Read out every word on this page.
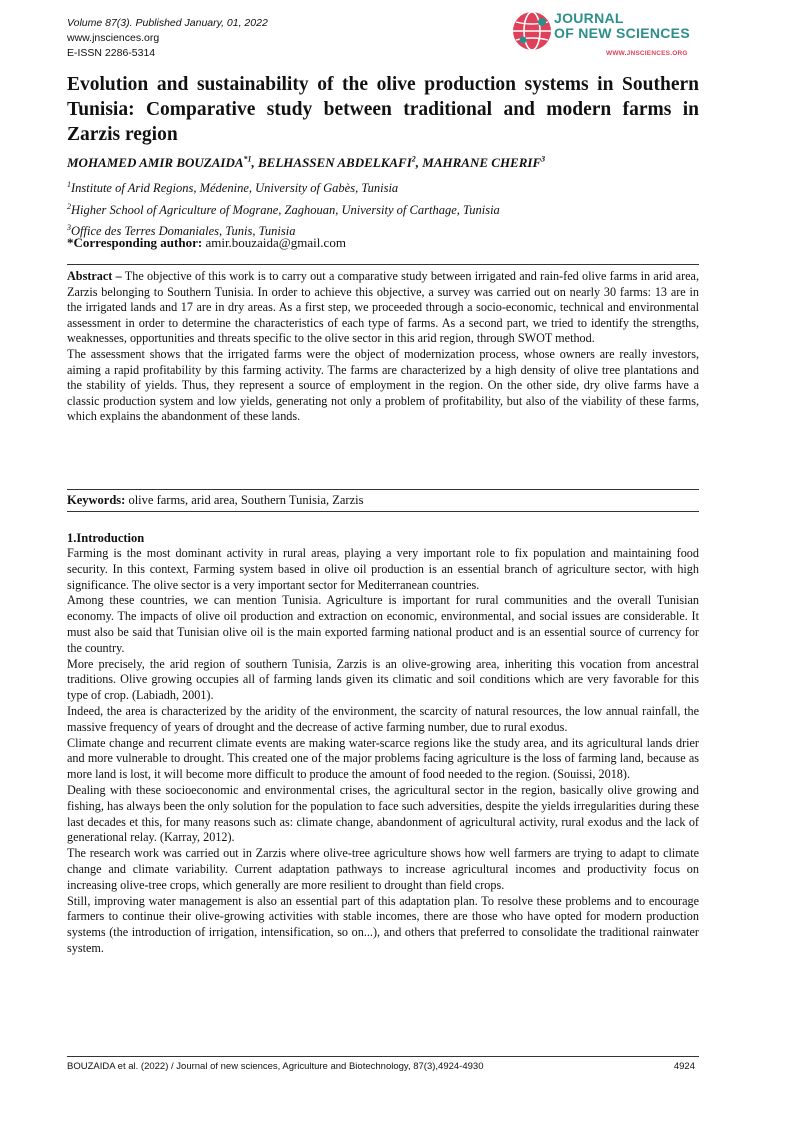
Volume 87(3). Published January, 01, 2022
www.jnsciences.org
E-ISSN 2286-5314
JOURNAL
OF NEW SCIENCES
WWW.JNSCIENCES.ORG
Evolution and sustainability of the olive production systems in Southern Tunisia: Comparative study between traditional and modern farms in Zarzis region
MOHAMED AMIR BOUZAIDA$^{*1}$, BELHASSEN ABDELKAFI$^2$, MAHRANE CHERIF$^3$
$^1$Institute of Arid Regions, Médenine, University of Gabès, Tunisia
$^2$Higher School of Agriculture of Mograne, Zaghouan, University of Carthage, Tunisia
$^3$Office des Terres Domaniales, Tunis, Tunisia
*Corresponding author: amir.bouzaida@gmail.com

Abstract – The objective of this work is to carry out a comparative study between irrigated and rain-fed olive farms in arid area, Zarzis belonging to Southern Tunisia. In order to achieve this objective, a survey was carried out on nearly 30 farms: 13 are in the irrigated lands and 17 are in dry areas. As a first step, we proceeded through a socio-economic, technical and environmental assessment in order to determine the characteristics of each type of farms. As a second part, we tried to identify the strengths, weaknesses, opportunities and threats specific to the olive sector in this arid region, through SWOT method.

The assessment shows that the irrigated farms were the object of modernization process, whose owners are really investors, aiming a rapid profitability by this farming activity. The farms are characterized by a high density of olive tree plantations and the stability of yields. Thus, they represent a source of employment in the region. On the other side, dry olive farms have a classic production system and low yields, generating not only a problem of profitability, but also of the viability of these farms, which explains the abandonment of these lands.

Keywords: olive farms, arid area, Southern Tunisia, Zarzis
1.Introduction

Farming is the most dominant activity in rural areas, playing a very important role to fix population and maintaining food security. In this context, Farming system based in olive oil production is an essential branch of agriculture sector, with high significance. The olive sector is a very important sector for Mediterranean countries.

Among these countries, we can mention Tunisia. Agriculture is important for rural communities and the overall Tunisian economy. The impacts of olive oil production and extraction on economic, environmental, and social issues are considerable. It must also be said that Tunisian olive oil is the main exported farming national product and is an essential source of currency for the country.

More precisely, the arid region of southern Tunisia, Zarzis is an olive-growing area, inheriting this vocation from ancestral traditions. Olive growing occupies all of farming lands given its climatic and soil conditions which are very favorable for this type of crop. (Labiadh, 2001).

Indeed, the area is characterized by the aridity of the environment, the scarcity of natural resources, the low annual rainfall, the massive frequency of years of drought and the decrease of active farming number, due to rural exodus.

Climate change and recurrent climate events are making water-scarce regions like the study area, and its agricultural lands drier and more vulnerable to drought. This created one of the major problems facing agriculture is the loss of farming land, because as more land is lost, it will become more difficult to produce the amount of food needed to the region. (Souissi, 2018).

Dealing with these socioeconomic and environmental crises, the agricultural sector in the region, basically olive growing and fishing, has always been the only solution for the population to face such adversities, despite the yields irregularities during these last decades et this, for many reasons such as: climate change, abandonment of agricultural activity, rural exodus and the lack of generational relay. (Karray, 2012).

The research work was carried out in Zarzis where olive-tree agriculture shows how well farmers are trying to adapt to climate change and climate variability. Current adaptation pathways to increase agricultural incomes and productivity focus on increasing olive-tree crops, which generally are more resilient to drought than field crops.

Still, improving water management is also an essential part of this adaptation plan. To resolve these problems and to encourage farmers to continue their olive-growing activities with stable incomes, there are those who have opted for modern production systems (the introduction of irrigation, intensification, so on...), and others that preferred to consolidate the traditional rainwater system.

BOUZAIDA et al. (2022) / Journal of new sciences, Agriculture and Biotechnology, 87(3),4924-4930	4924
